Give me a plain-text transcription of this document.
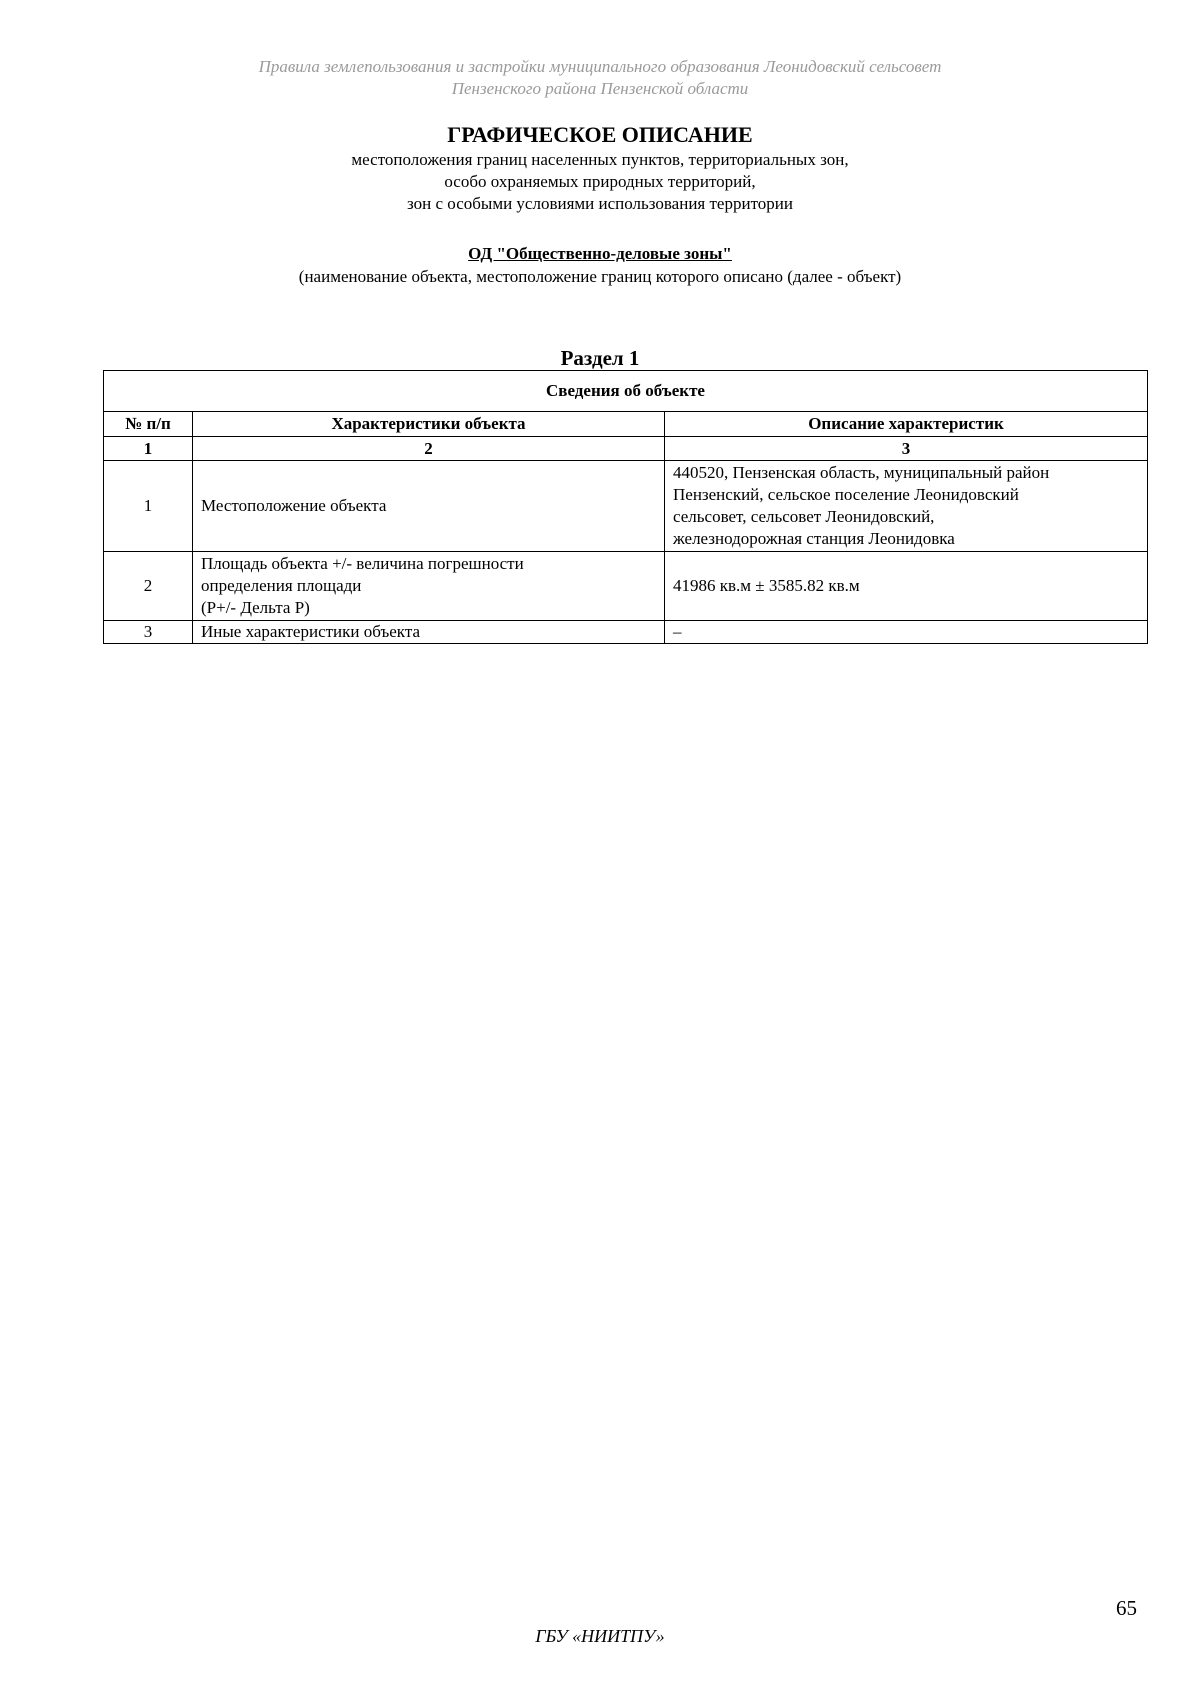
Правила землепользования и застройки муниципального образования Леонидовский сельсовет
Пензенского района Пензенской области
ГРАФИЧЕСКОЕ ОПИСАНИЕ
местоположения границ населенных пунктов, территориальных зон,
особо охраняемых природных территорий,
зон с особыми условиями использования территории
ОД "Общественно-деловые зоны"
(наименование объекта, местоположение границ которого описано (далее - объект)
Раздел 1
Сведения об объекте		
№ п/п	Характеристики объекта	Описание характеристик
1	2	3
1	Местоположение объекта	440520, Пензенская область, муниципальный район
Пензенский, сельское поселение Леонидовский
сельсовет, сельсовет Леонидовский,
железнодорожная станция Леонидовка

2	Площадь объекта +/- величина погрешности
определения площади
(P+/- Дельта P)	41986 кв.м ± 3585.82 кв.м

3	Иные характеристики объекта	–
65
ГБУ «НИИТПУ»
